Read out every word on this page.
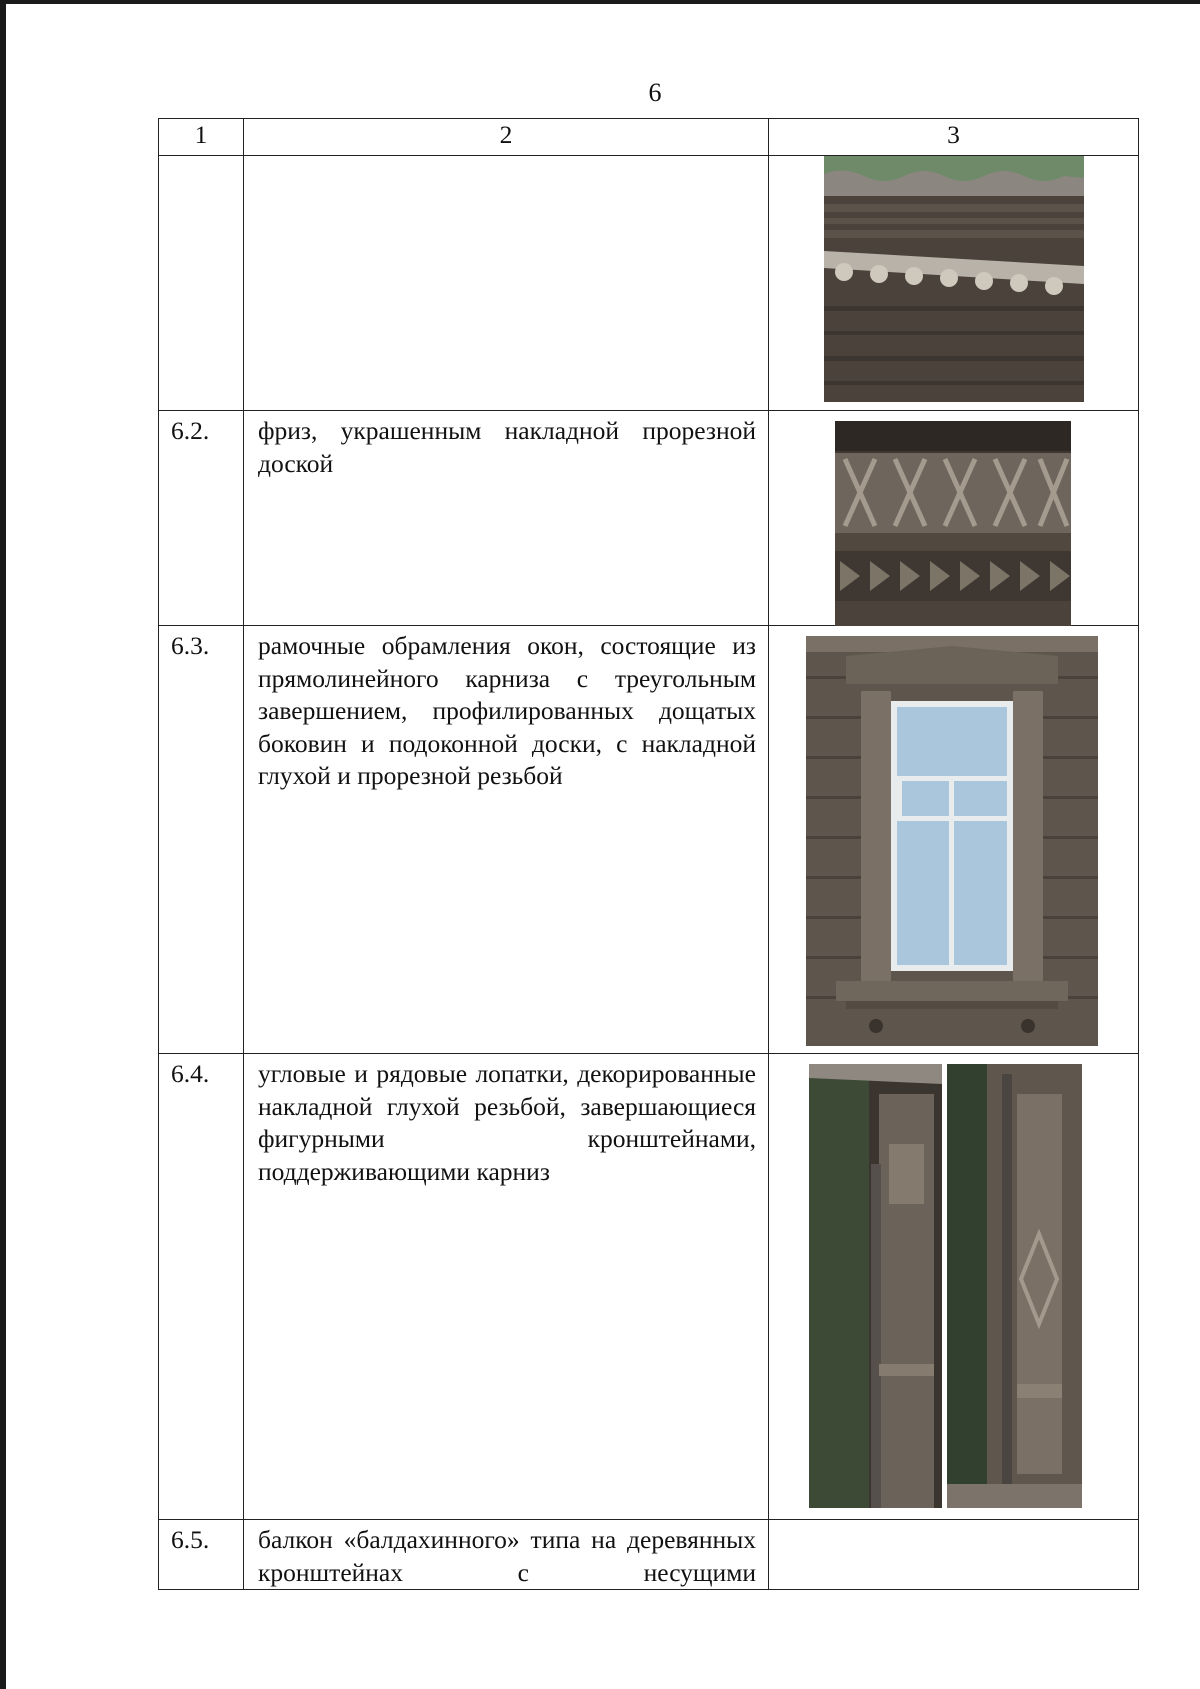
6
1	2	3

6.2.	фриз, украшенным накладной прорезной доской	

6.3.	рамочные обрамления окон, состоящие из прямолинейного карниза с треугольным завершением, профилированных дощатых боковин и подоконной доски, с накладной глухой и прорезной резьбой	

6.4.	угловые и рядовые лопатки, декорированные накладной глухой резьбой, завершающиеся фигурными кронштейнами, поддерживающими карниз	

6.5.	балкон «балдахинного» типа на деревянных кронштейнах с несущими	
